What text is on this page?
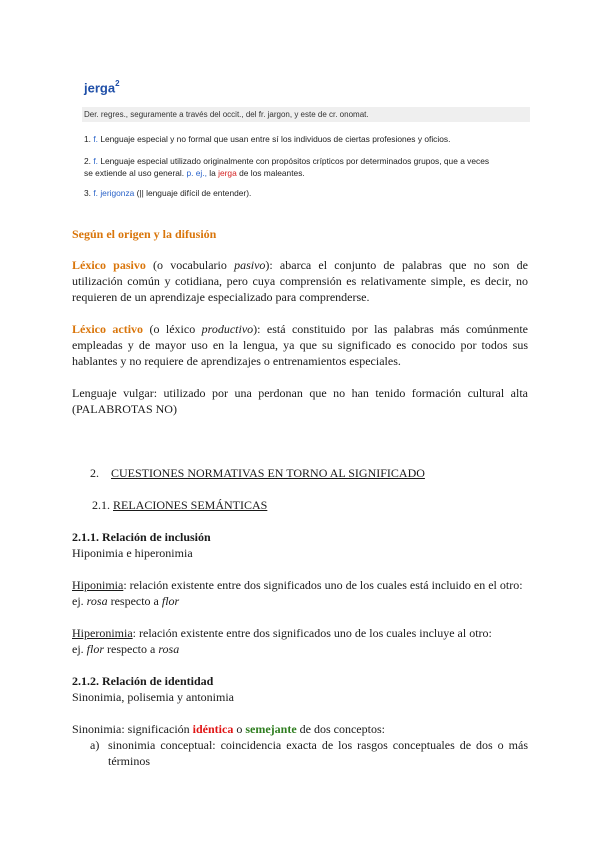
jerga$^2$
Der. regres., seguramente a través del occit., del fr. jargon, y este de cr. onomat.
1. f. Lenguaje especial y no formal que usan entre sí los individuos de ciertas profesiones y oficios.
2. f. Lenguaje especial utilizado originalmente con propósitos crípticos por determinados grupos, que a veces
se extiende al uso general. p. ej., la jerga de los maleantes.
3. f. jerigonza (|| lenguaje difícil de entender).
Según el origen y la difusión
Léxico pasivo (o vocabulario pasivo): abarca el conjunto de palabras que no son de
utilización común y cotidiana, pero cuya comprensión es relativamente simple, es decir, no
requieren de un aprendizaje especializado para comprenderse.
Léxico activo (o léxico productivo): está constituido por las palabras más comúnmente
empleadas y de mayor uso en la lengua, ya que su significado es conocido por todos sus
hablantes y no requiere de aprendizajes o entrenamientos especiales.
Lenguaje vulgar: utilizado por una perdonan que no han tenido formación cultural alta
(PALABROTAS NO)
2. CUESTIONES NORMATIVAS EN TORNO AL SIGNIFICADO
2.1. RELACIONES SEMÁNTICAS
2.1.1. Relación de inclusión
Hiponimia e hiperonimia
Hiponimia: relación existente entre dos significados uno de los cuales está incluido en el otro:
ej. rosa respecto a flor
Hiperonimia: relación existente entre dos significados uno de los cuales incluye al otro:
ej. flor respecto a rosa
2.1.2. Relación de identidad
Sinonimia, polisemia y antonimia
Sinonimia: significación idéntica o semejante de dos conceptos:
a) sinonimia conceptual: coincidencia exacta de los rasgos conceptuales de dos o más
términos
